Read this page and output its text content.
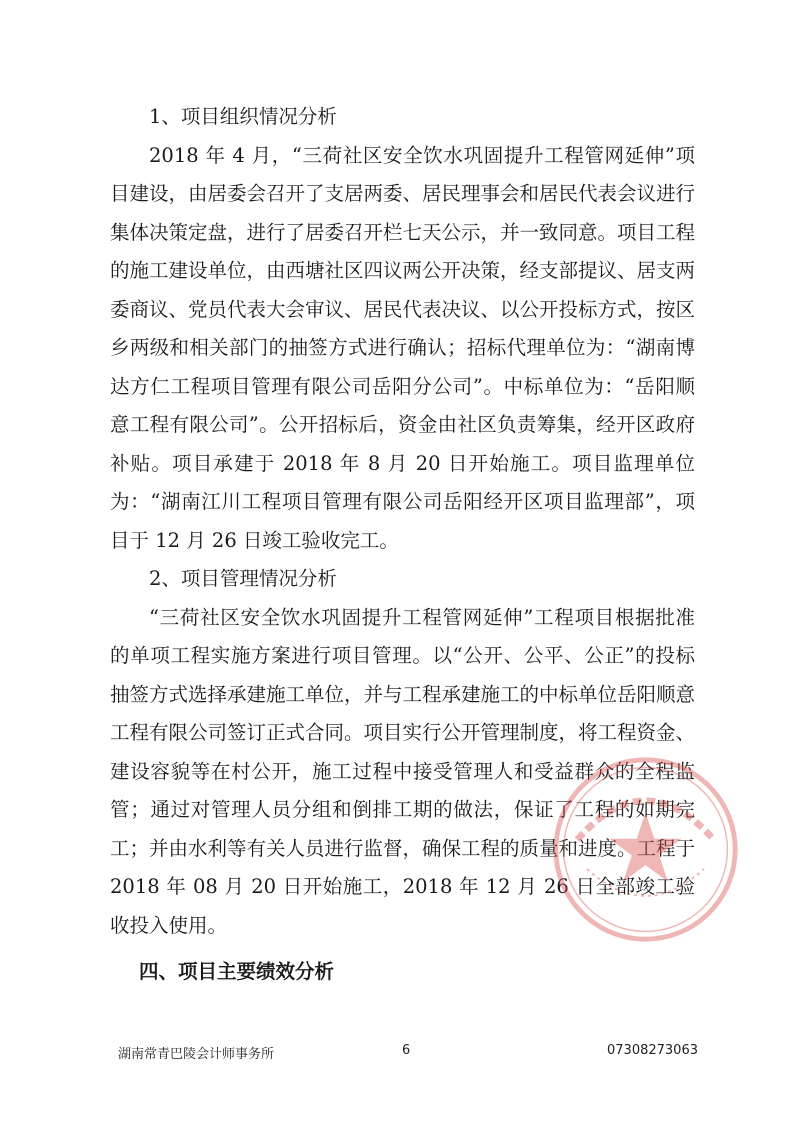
1、项目组织情况分析

2018 年 4 月，“三荷社区安全饮水巩固提升工程管网延伸”项目建设，由居委会召开了支居两委、居民理事会和居民代表会议进行集体决策定盘，进行了居委召开栏七天公示，并一致同意。项目工程的施工建设单位，由西塘社区四议两公开决策，经支部提议、居支两委商议、党员代表大会审议、居民代表决议、以公开投标方式，按区乡两级和相关部门的抽签方式进行确认；招标代理单位为：“湖南博达方仁工程项目管理有限公司岳阳分公司”。中标单位为：“岳阳顺意工程有限公司”。公开招标后，资金由社区负责筹集，经开区政府补贴。项目承建于 2018 年 8 月 20 日开始施工。项目监理单位为：“湖南江川工程项目管理有限公司岳阳经开区项目监理部”，项目于 12 月 26 日竣工验收完工。

2、项目管理情况分析

“三荷社区安全饮水巩固提升工程管网延伸”工程项目根据批准的单项工程实施方案进行项目管理。以“公开、公平、公正”的投标抽签方式选择承建施工单位，并与工程承建施工的中标单位岳阳顺意工程有限公司签订正式合同。项目实行公开管理制度，将工程资金、建设容貌等在村公开，施工过程中接受管理人和受益群众的全程监管；通过对管理人员分组和倒排工期的做法，保证了工程的如期完工；并由水利等有关人员进行监督，确保工程的质量和进度。工程于 2018 年 08 月 20 日开始施工，2018 年 12 月 26 日全部竣工验收投入使用。

四、项目主要绩效分析

湖南常青巴陵会计师事务所	6	07308273063
